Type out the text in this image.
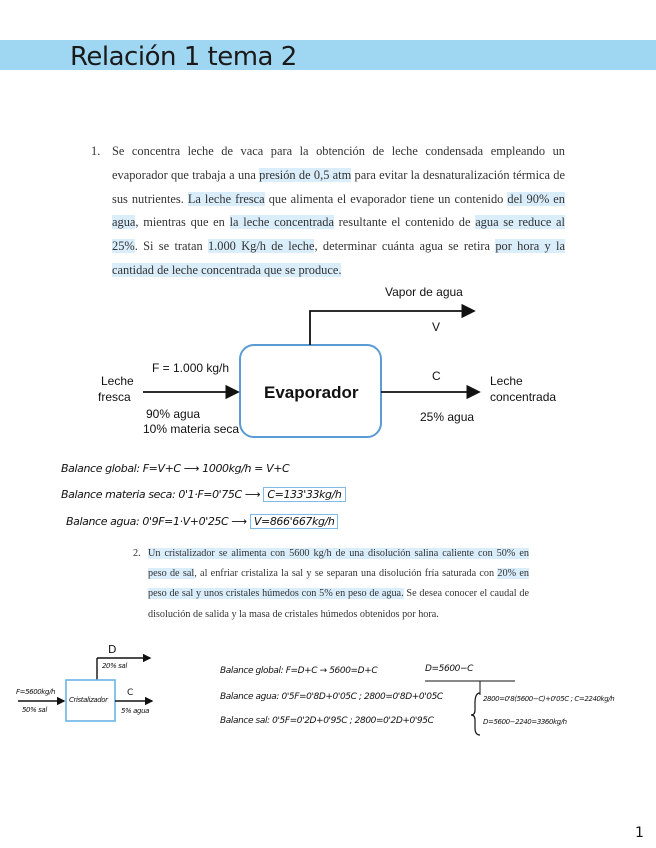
Relación 1 tema 2

1. Se concentra leche de vaca para la obtención de leche condensada empleando un evaporador que trabaja a una presión de 0,5 atm para evitar la desnaturalización térmica de sus nutrientes. La leche fresca que alimenta el evaporador tiene un contenido del 90% en agua, mientras que en la leche concentrada resultante el contenido de agua se reduce al 25%. Si se tratan 1.000 Kg/h de leche, determinar cuánta agua se retira por hora y la cantidad de leche concentrada que se produce.

Vapor de agua
V
F = 1.000 kg/h
Leche
fresca	Evaporador
C	Leche
concentrada
90% agua
10% materia seca
25% agua
Balance global: F=V+C ⟶ 1000kg/h = V+C
Balance materia seca: 0'1·F=0'75C ⟶ C=133'33kg/h
Balance agua: 0'9F=1·V+0'25C ⟶ V=866'667kg/h

2. Un cristalizador se alimenta con 5600 kg/h de una disolución salina caliente con 50% en peso de sal, al enfriar cristaliza la sal y se separan una disolución fría saturada con 20% en peso de sal y unos cristales húmedos con 5% en peso de agua. Se desea conocer el caudal de disolución de salida y la masa de cristales húmedos obtenidos por hora.

D
20% sal
F=5600kg/h
50% sal
Cristalizador
C
5% agua
Balance global: F=D+C → 5600=D+C	D=5600−C
Balance agua: 0'5F=0'8D+0'05C ; 2800=0'8D+0'05C
Balance sal: 0'5F=0'2D+0'95C ; 2800=0'2D+0'95C
2800=0'8(5600−C)+0'05C ; C=2240kg/h
D=5600−2240=3360kg/h
1
